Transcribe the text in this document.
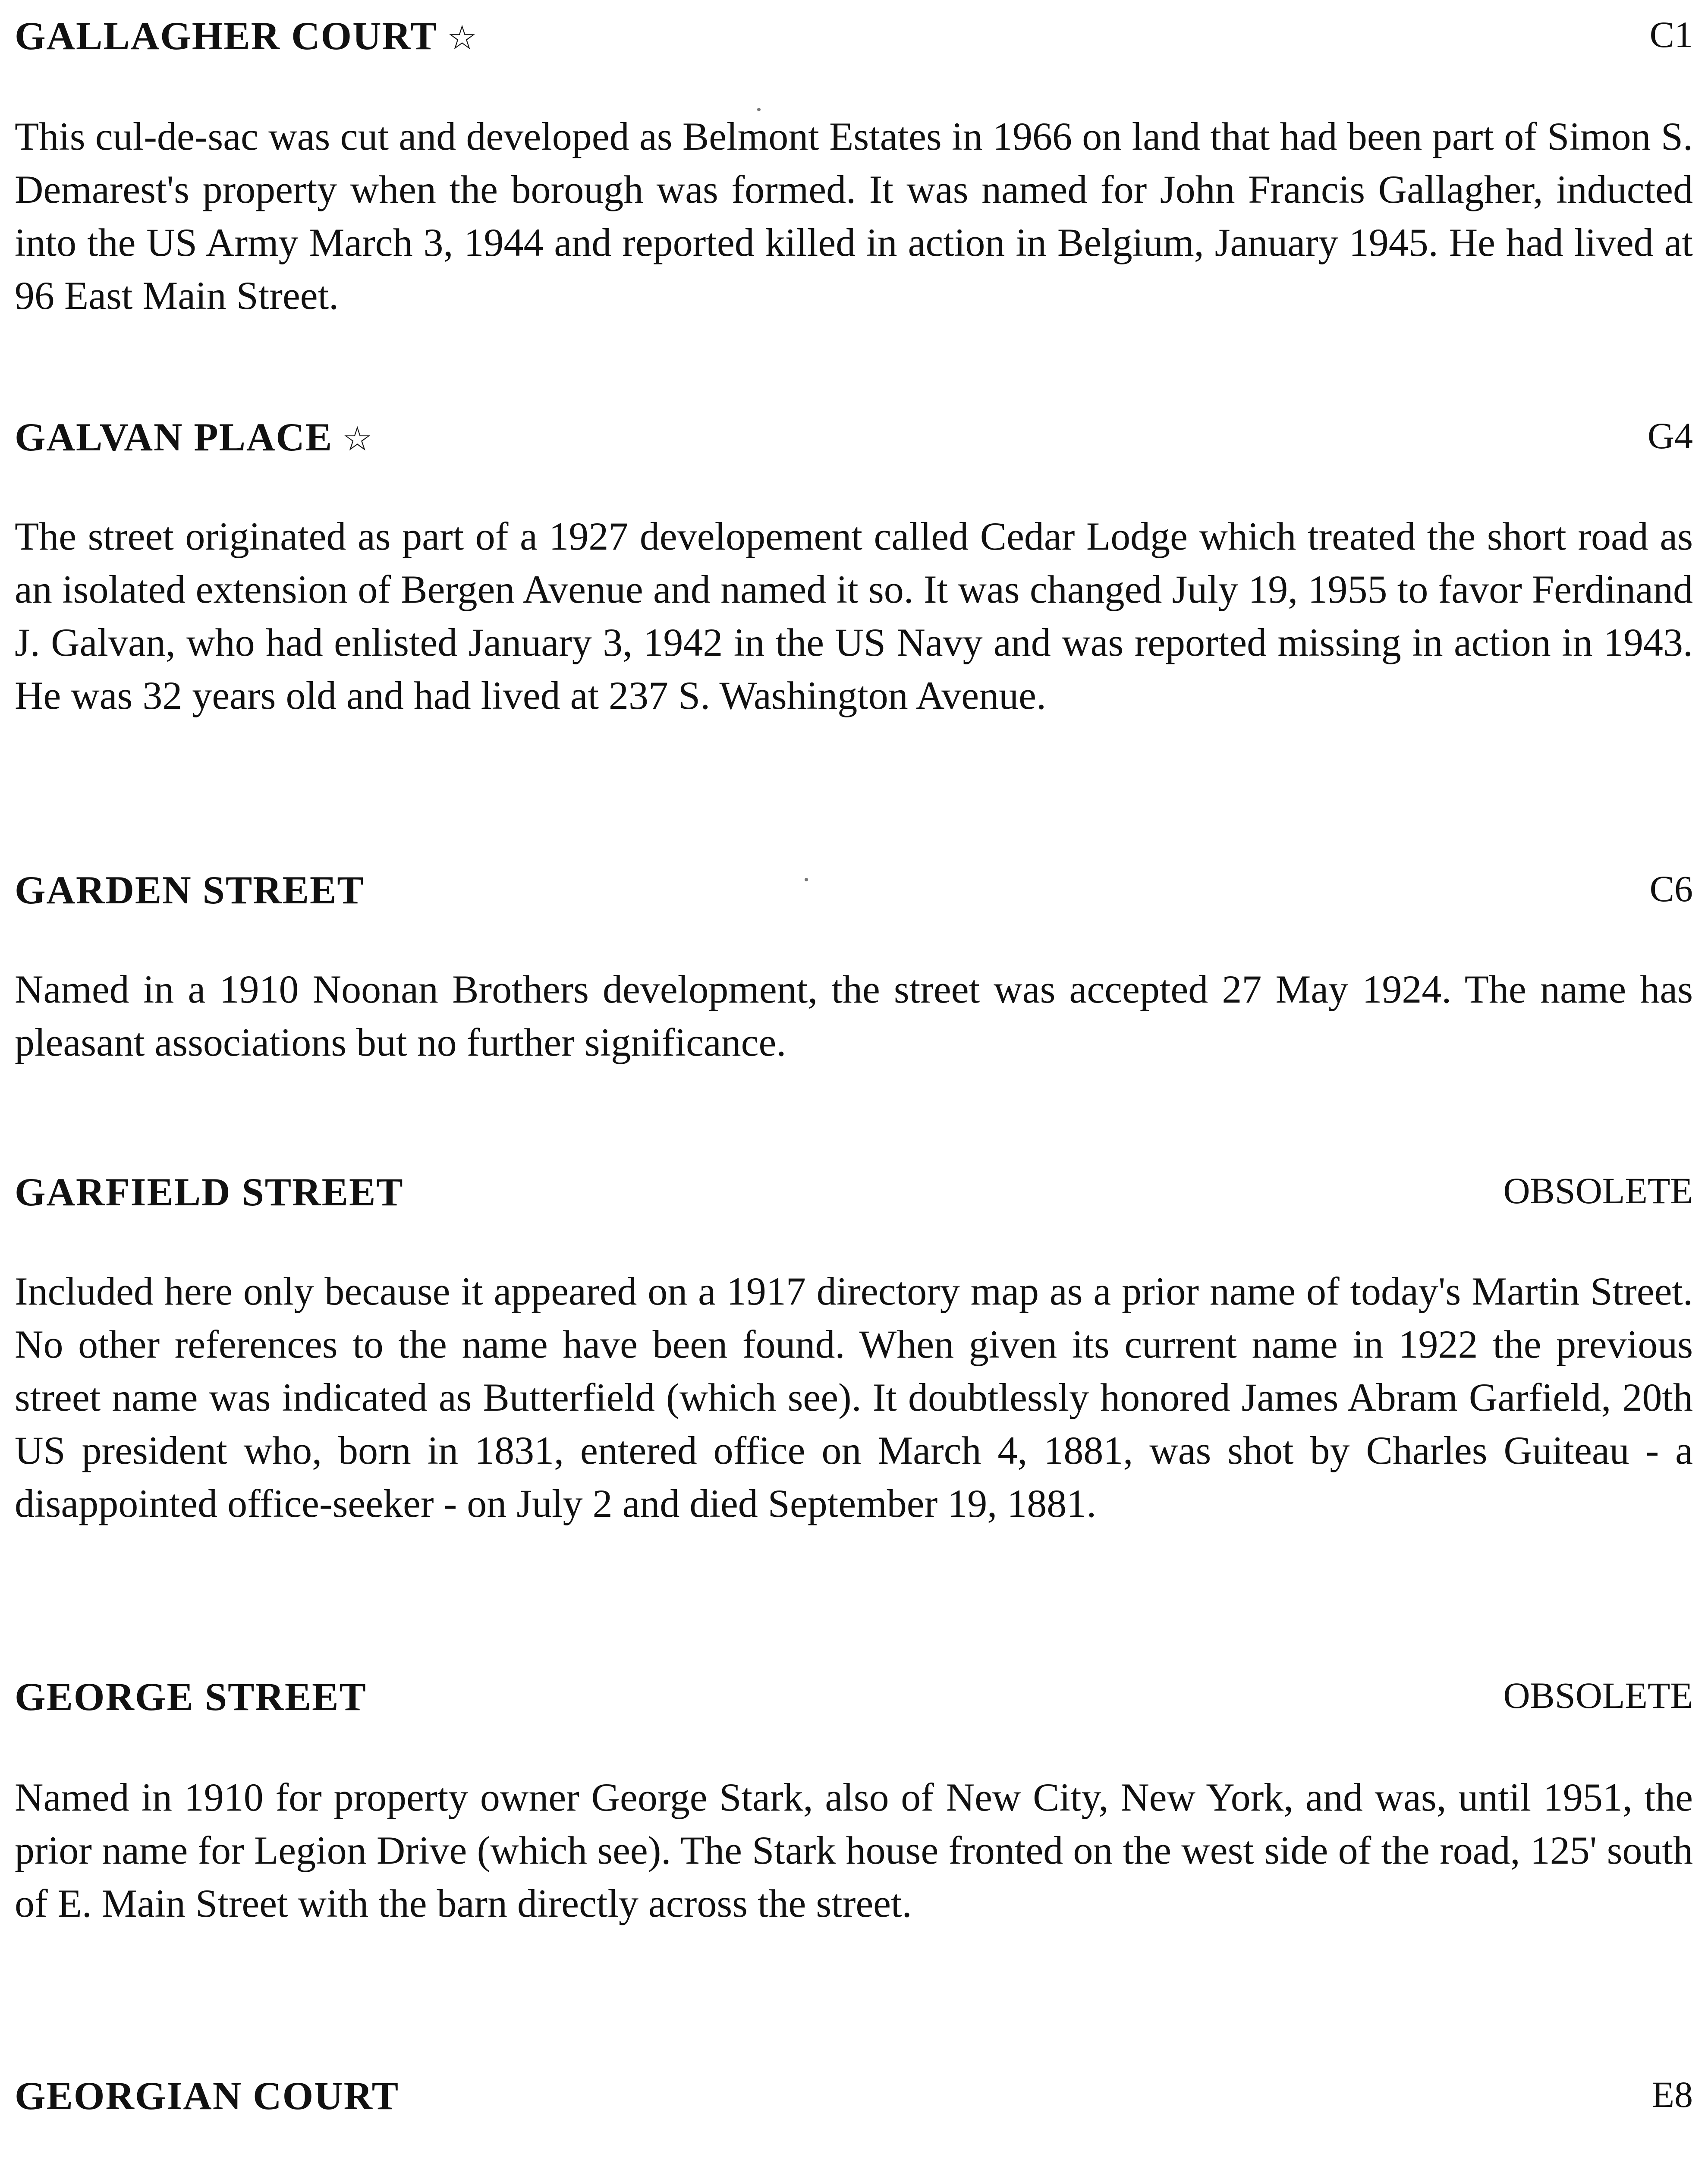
GALLAGHER COURT ☆	C1

This cul-de-sac was cut and developed as Belmont Estates in 1966 on land that had been part of Simon S. Demarest's property when the borough was formed. It was named for John Francis Gallagher, inducted into the US Army March 3, 1944 and reported killed in action in Belgium, January 1945. He had lived at 96 East Main Street.

GALVAN PLACE ☆	G4

The street originated as part of a 1927 developement called Cedar Lodge which treated the short road as an isolated extension of Bergen Avenue and named it so. It was changed July 19, 1955 to favor Ferdinand J. Galvan, who had enlisted January 3, 1942 in the US Navy and was reported missing in action in 1943. He was 32 years old and had lived at 237 S. Washington Avenue.

GARDEN STREET	C6

Named in a 1910 Noonan Brothers development, the street was accepted 27 May 1924. The name has pleasant associations but no further significance.

GARFIELD STREET	OBSOLETE

Included here only because it appeared on a 1917 directory map as a prior name of today's Martin Street. No other references to the name have been found. When given its current name in 1922 the previous street name was indicated as Butterfield (which see). It doubtlessly honored James Abram Garfield, 20th US president who, born in 1831, entered office on March 4, 1881, was shot by Charles Guiteau - a disappointed office-seeker - on July 2 and died September 19, 1881.

GEORGE STREET	OBSOLETE

Named in 1910 for property owner George Stark, also of New City, New York, and was, until 1951, the prior name for Legion Drive (which see). The Stark house fronted on the west side of the road, 125' south of E. Main Street with the barn directly across the street.

GEORGIAN COURT	E8
